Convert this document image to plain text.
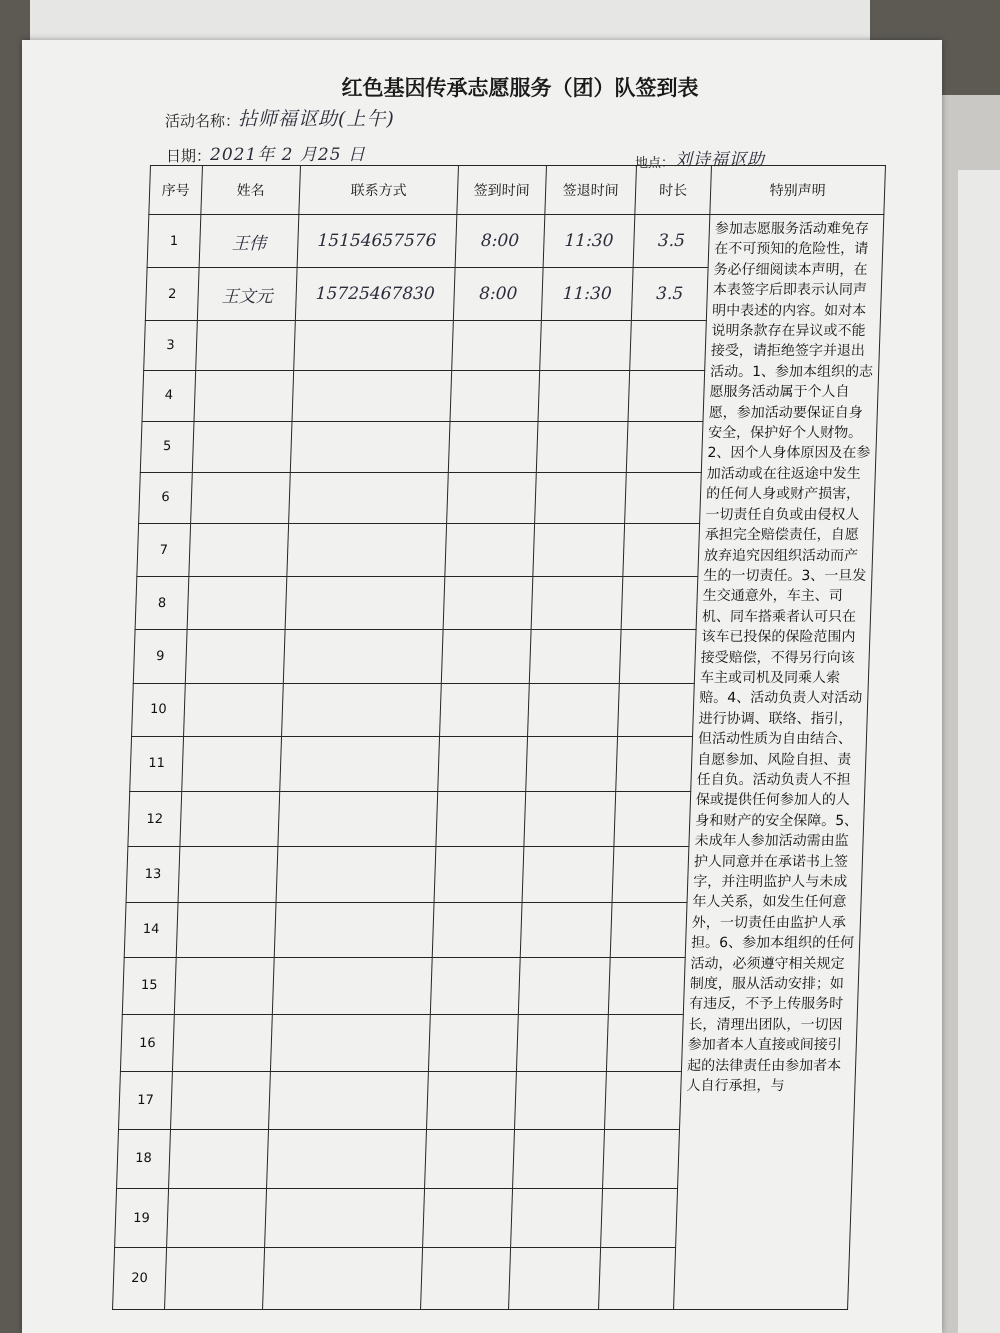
红色基因传承志愿服务（团）队签到表
活动名称：
拈师福讴助(上午)
日期：
2021年 2 月25 日	地点： 刘诗福讴助
序号	姓名	联系方式	签到时间	签退时间	时长	特别声明
1	王伟	15154657576	8:00	11:30	3.5	参加志愿服务活动难免存在不可预知的危险性，请务必仔细阅读本声明，在本表签字后即表示认同声明中表述的内容。如对本说明条款存在异议或不能接受，请拒绝签字并退出活动。1、参加本组织的志愿服务活动属于个人自愿，参加活动要保证自身安全，保护好个人财物。2、因个人身体原因及在参加活动或在往返途中发生的任何人身或财产损害，一切责任自负或由侵权人承担完全赔偿责任，自愿放弃追究因组织活动而产生的一切责任。3、一旦发生交通意外，车主、司机、同车搭乘者认可只在该车已投保的保险范围内接受赔偿，不得另行向该车主或司机及同乘人索赔。4、活动负责人对活动进行协调、联络、指引，但活动性质为自由结合、自愿参加、风险自担、责任自负。活动负责人不担保或提供任何参加人的人身和财产的安全保障。5、未成年人参加活动需由监护人同意并在承诺书上签字，并注明监护人与未成年人关系，如发生任何意外，一切责任由监护人承担。6、参加本组织的任何活动，必须遵守相关规定制度，服从活动安排；如有违反，不予上传服务时长，清理出团队，一切因参加者本人直接或间接引起的法律责任由参加者本人自行承担，与
2	王文元	15725467830	8:00	11:30	3.5	
3						
4						
5						
6						
7						
8						
9						
10						
11						
12						
13						
14						
15						
16						
17						
18						
19						
20						
